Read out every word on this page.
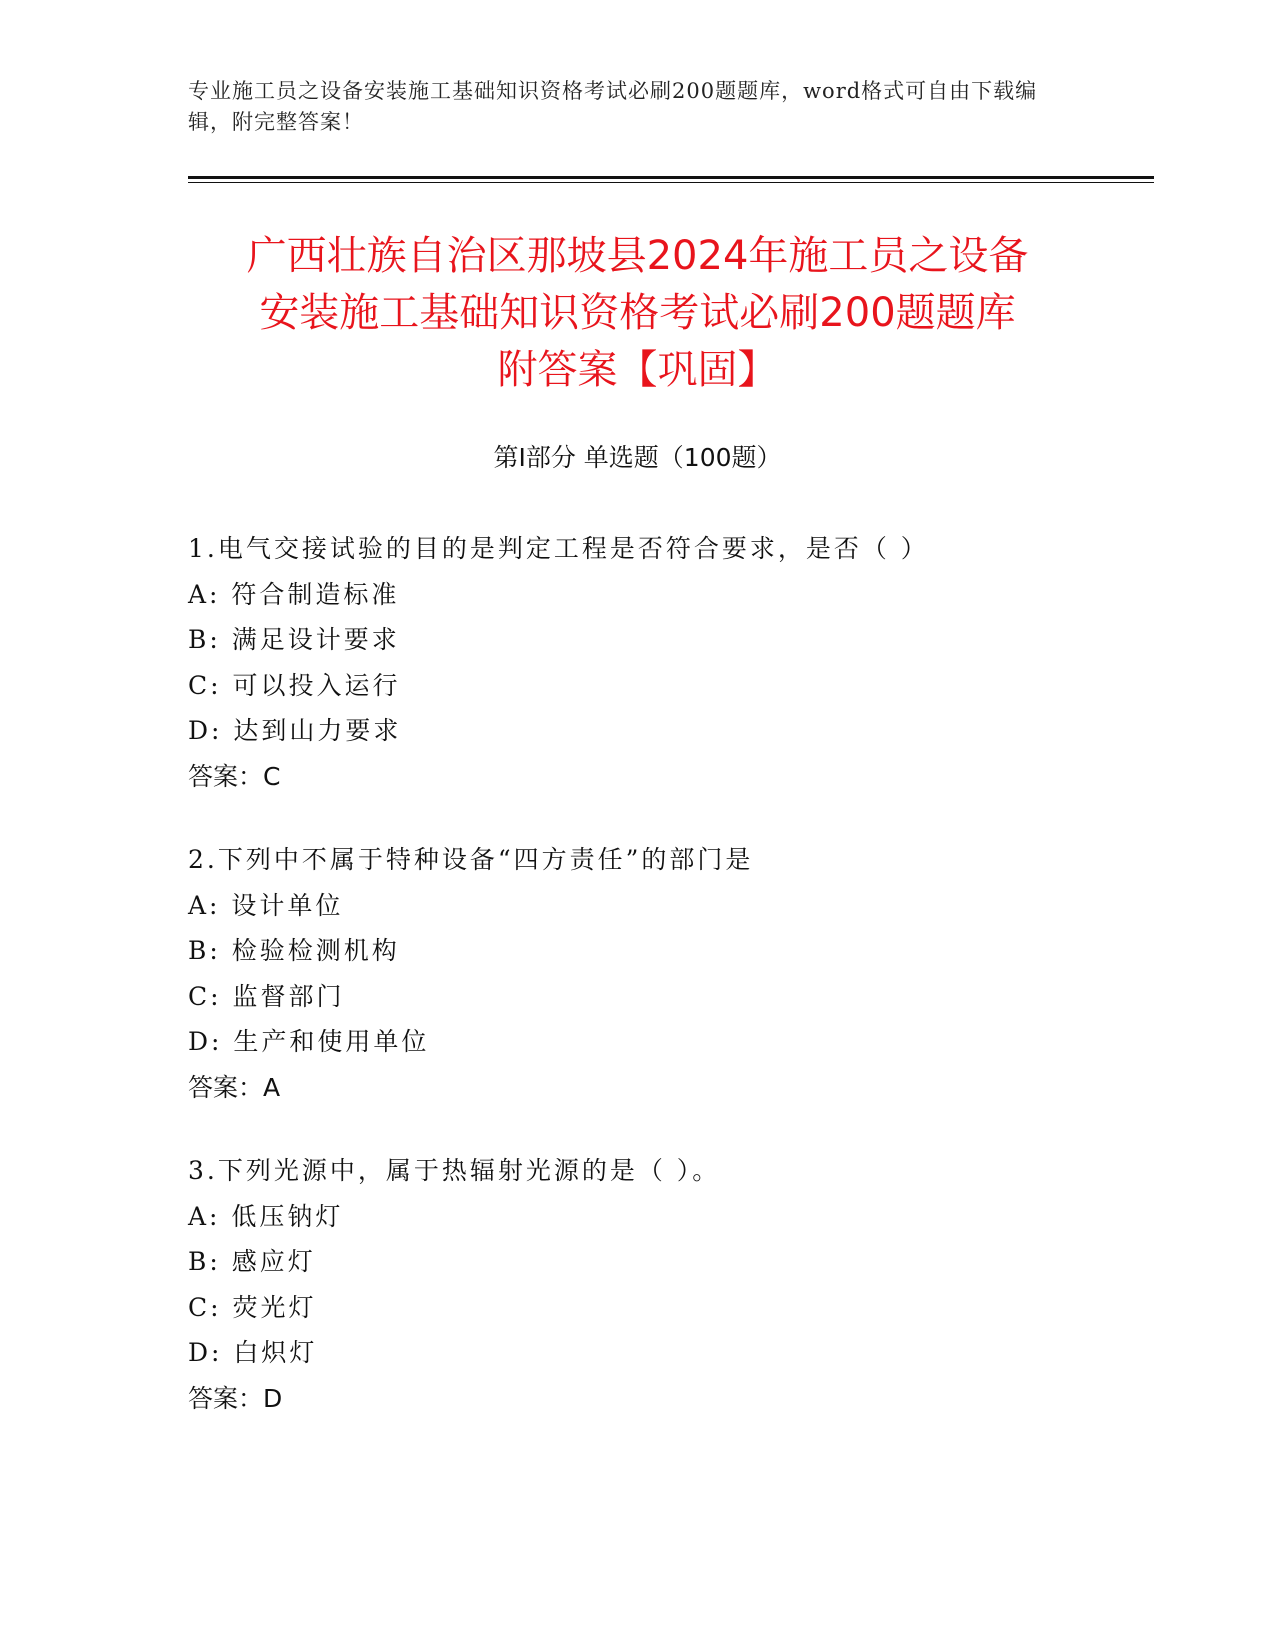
专业施工员之设备安装施工基础知识资格考试必刷200题题库，word格式可自由下载编辑，附完整答案！
广西壮族自治区那坡县2024年施工员之设备
安装施工基础知识资格考试必刷200题题库
附答案【巩固】
第Ⅰ部分 单选题（100题）
1.电气交接试验的目的是判定工程是否符合要求，是否（ ）
A: 符合制造标准
B: 满足设计要求
C: 可以投入运行
D: 达到山力要求
答案：C
2.下列中不属于特种设备“四方责任”的部门是
A: 设计单位
B: 检验检测机构
C: 监督部门
D: 生产和使用单位
答案：A
3.下列光源中，属于热辐射光源的是（ ）。
A: 低压钠灯
B: 感应灯
C: 荧光灯
D: 白炽灯
答案：D
